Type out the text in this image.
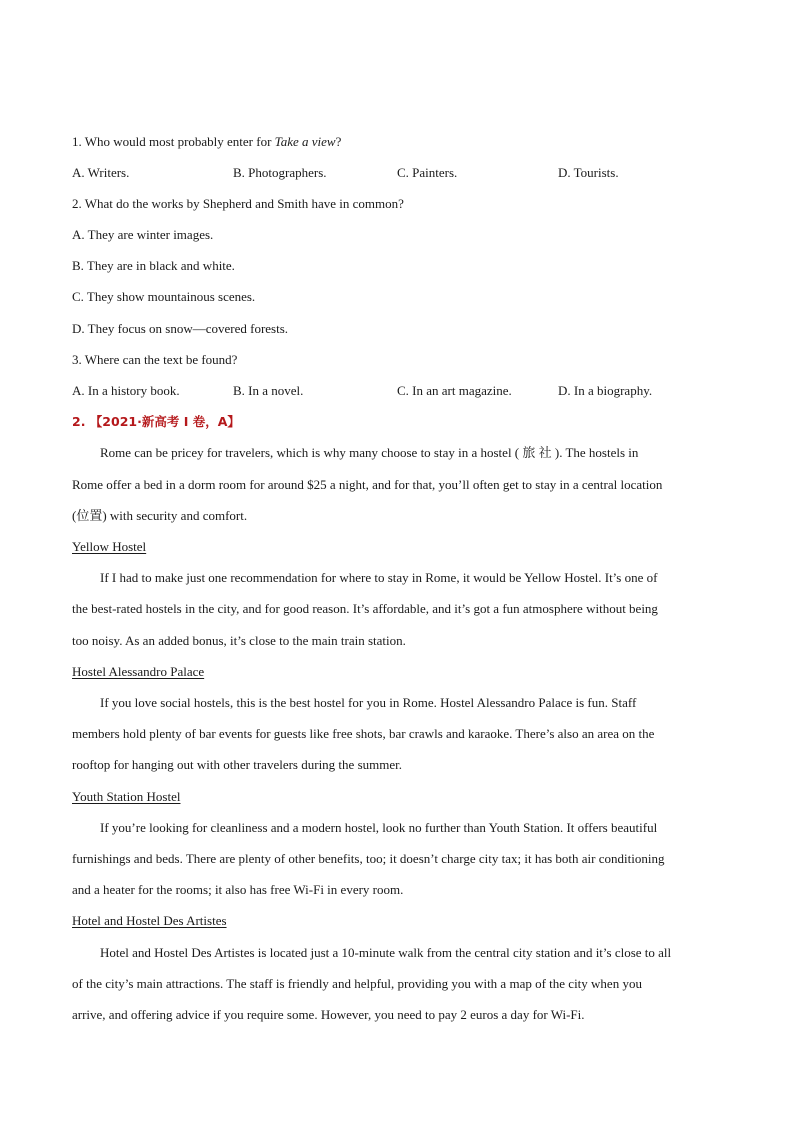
1. Who would most probably enter for Take a view?
A. Writers.	B. Photographers.	C. Painters.	D. Tourists.
2. What do the works by Shepherd and Smith have in common?
A. They are winter images.
B. They are in black and white.
C. They show mountainous scenes.
D. They focus on snow—covered forests.
3. Where can the text be found?
A. In a history book.	B. In a novel.	C. In an art magazine.	D. In a biography.
2. 【2021·新高考 I 卷，A】
Rome can be pricey for travelers, which is why many choose to stay in a hostel ( 旅 社 ). The hostels in
Rome offer a bed in a dorm room for around $25 a night, and for that, you’ll often get to stay in a central location
(位置) with security and comfort.
Yellow Hostel
If I had to make just one recommendation for where to stay in Rome, it would be Yellow Hostel. It’s one of
the best-rated hostels in the city, and for good reason. It’s affordable, and it’s got a fun atmosphere without being
too noisy. As an added bonus, it’s close to the main train station.
Hostel Alessandro Palace
If you love social hostels, this is the best hostel for you in Rome. Hostel Alessandro Palace is fun. Staff
members hold plenty of bar events for guests like free shots, bar crawls and karaoke. There’s also an area on the
rooftop for hanging out with other travelers during the summer.
Youth Station Hostel
If you’re looking for cleanliness and a modern hostel, look no further than Youth Station. It offers beautiful
furnishings and beds. There are plenty of other benefits, too; it doesn’t charge city tax; it has both air conditioning
and a heater for the rooms; it also has free Wi-Fi in every room.
Hotel and Hostel Des Artistes
Hotel and Hostel Des Artistes is located just a 10-minute walk from the central city station and it’s close to all
of the city’s main attractions. The staff is friendly and helpful, providing you with a map of the city when you
arrive, and offering advice if you require some. However, you need to pay 2 euros a day for Wi-Fi.
